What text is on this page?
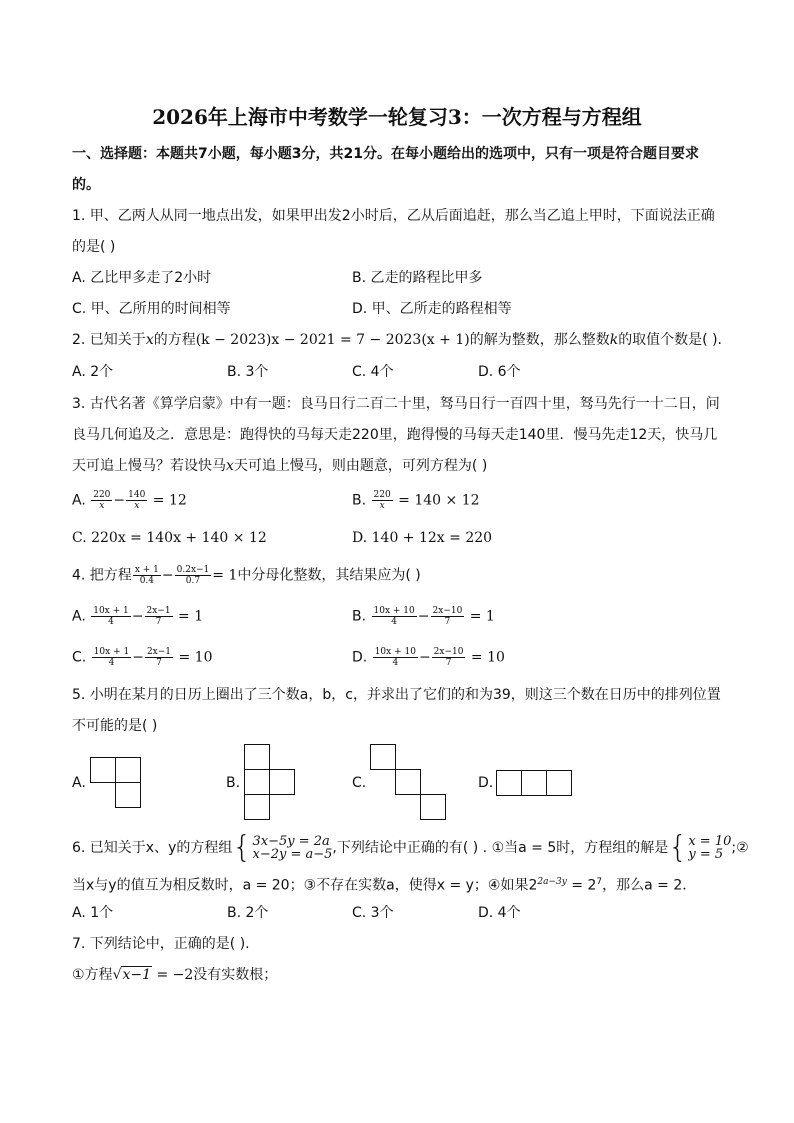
2026年上海市中考数学一轮复习3：一次方程与方程组
一、选择题：本题共7小题，每小题3分，共21分。在每小题给出的选项中，只有一项是符合题目要求
的。
1. 甲、乙两人从同一地点出发，如果甲出发2小时后，乙从后面追赶，那么当乙追上甲时，下面说法正确
的是( )
A. 乙比甲多走了2小时	B. 乙走的路程比甲多
C. 甲、乙所用的时间相等	D. 甲、乙所走的路程相等
2. 已知关于x的方程(k − 2023)x − 2021 = 7 − 2023(x + 1)的解为整数，那么整数k的取值个数是( ).
A. 2个	B. 3个	C. 4个	D. 6个
3. 古代名著《算学启蒙》中有一题：良马日行二百二十里，驽马日行一百四十里，驽马先行一十二日，问
良马几何追及之．意思是：跑得快的马每天走220里，跑得慢的马每天走140里．慢马先走12天，快马几
天可追上慢马？若设快马x天可追上慢马，则由题意，可列方程为( )
A. $\frac{220}{x} - \frac{140}{x} = 12$	B. $\frac{220}{x} = 140 \times 12$
C. 220x = 140x + 140 × 12	D. 140 + 12x = 220
4. 把方程 $\frac{x + 1}{0.4} - \frac{0.2x-1}{0.7} = 1$中分母化整数，其结果应为( )
A. $\frac{10x + 1}{4} - \frac{2x-1}{7} = 1$	B. $\frac{10x + 10}{4} - \frac{2x-10}{7} = 1$
C. $\frac{10x + 1}{4} - \frac{2x-1}{7} = 10$	D. $\frac{10x + 10}{4} - \frac{2x-10}{7} = 10$
5. 小明在某月的日历上圈出了三个数a，b，c，并求出了它们的和为39，则这三个数在日历中的排列位置
不可能的是( )
A.	B.	C.	D.
6. 已知关于x、y的方程组 { 3x−5y = 2a
x−2y = a−5 ,下列结论中正确的有( ) . ①当a = 5时，方程组的解是 { x = 10
y = 5 ;②
当x与y的值互为相反数时，a = 20；③不存在实数a，使得x = y；④如果$2^{2a-3y} = 2^7$，那么a = 2．
A. 1个	B. 2个	C. 3个	D. 4个
7. 下列结论中，正确的是( ).
①方程√x−1 = −2没有实数根；
